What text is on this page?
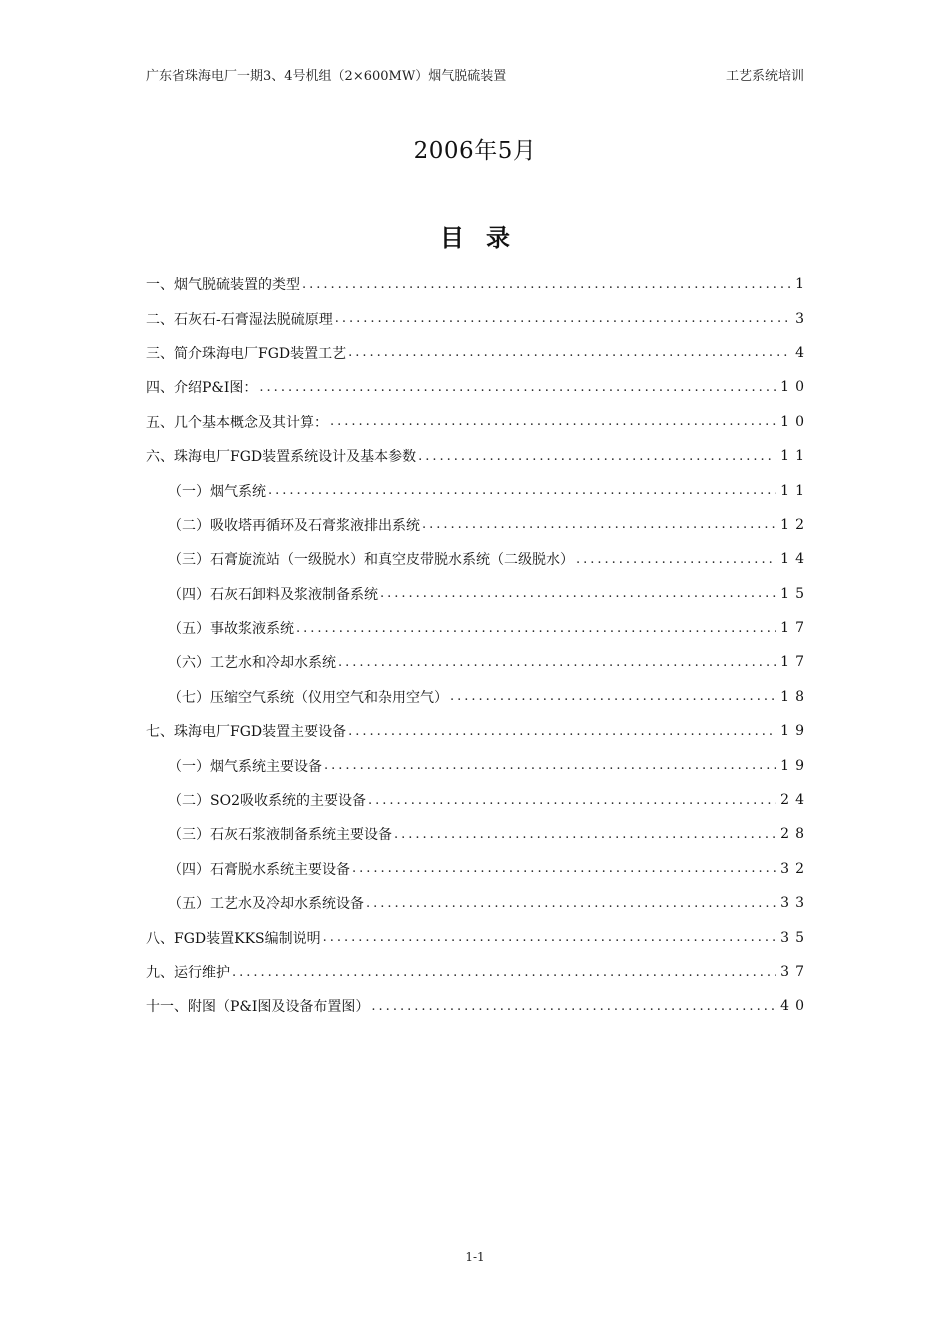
广东省珠海电厂一期3、4号机组（2×600MW）烟气脱硫装置	工艺系统培训
2006年5月
目录
一、烟气脱硫装置的类型 .....	1
二、石灰石-石膏湿法脱硫原理 .....	3
三、简介珠海电厂FGD装置工艺 .....	4
四、介绍P&I图： .....	10
五、几个基本概念及其计算： .....	10
六、珠海电厂FGD装置系统设计及基本参数 .....	11
（一）烟气系统 .....	11
（二）吸收塔再循环及石膏浆液排出系统 .....	12
（三）石膏旋流站（一级脱水）和真空皮带脱水系统（二级脱水） .....	14
（四）石灰石卸料及浆液制备系统 .....	15
（五）事故浆液系统 .....	17
（六）工艺水和冷却水系统 .....	17
（七）压缩空气系统（仪用空气和杂用空气） .....	18
七、珠海电厂FGD装置主要设备 .....	19
（一）烟气系统主要设备 .....	19
（二）SO2吸收系统的主要设备 .....	24
（三）石灰石浆液制备系统主要设备 .....	28
（四）石膏脱水系统主要设备 .....	32
（五）工艺水及冷却水系统设备 .....	33
八、FGD装置KKS编制说明 .....	35
九、运行维护 .....	37
十一、附图（P&I图及设备布置图） .....	40
1-1
